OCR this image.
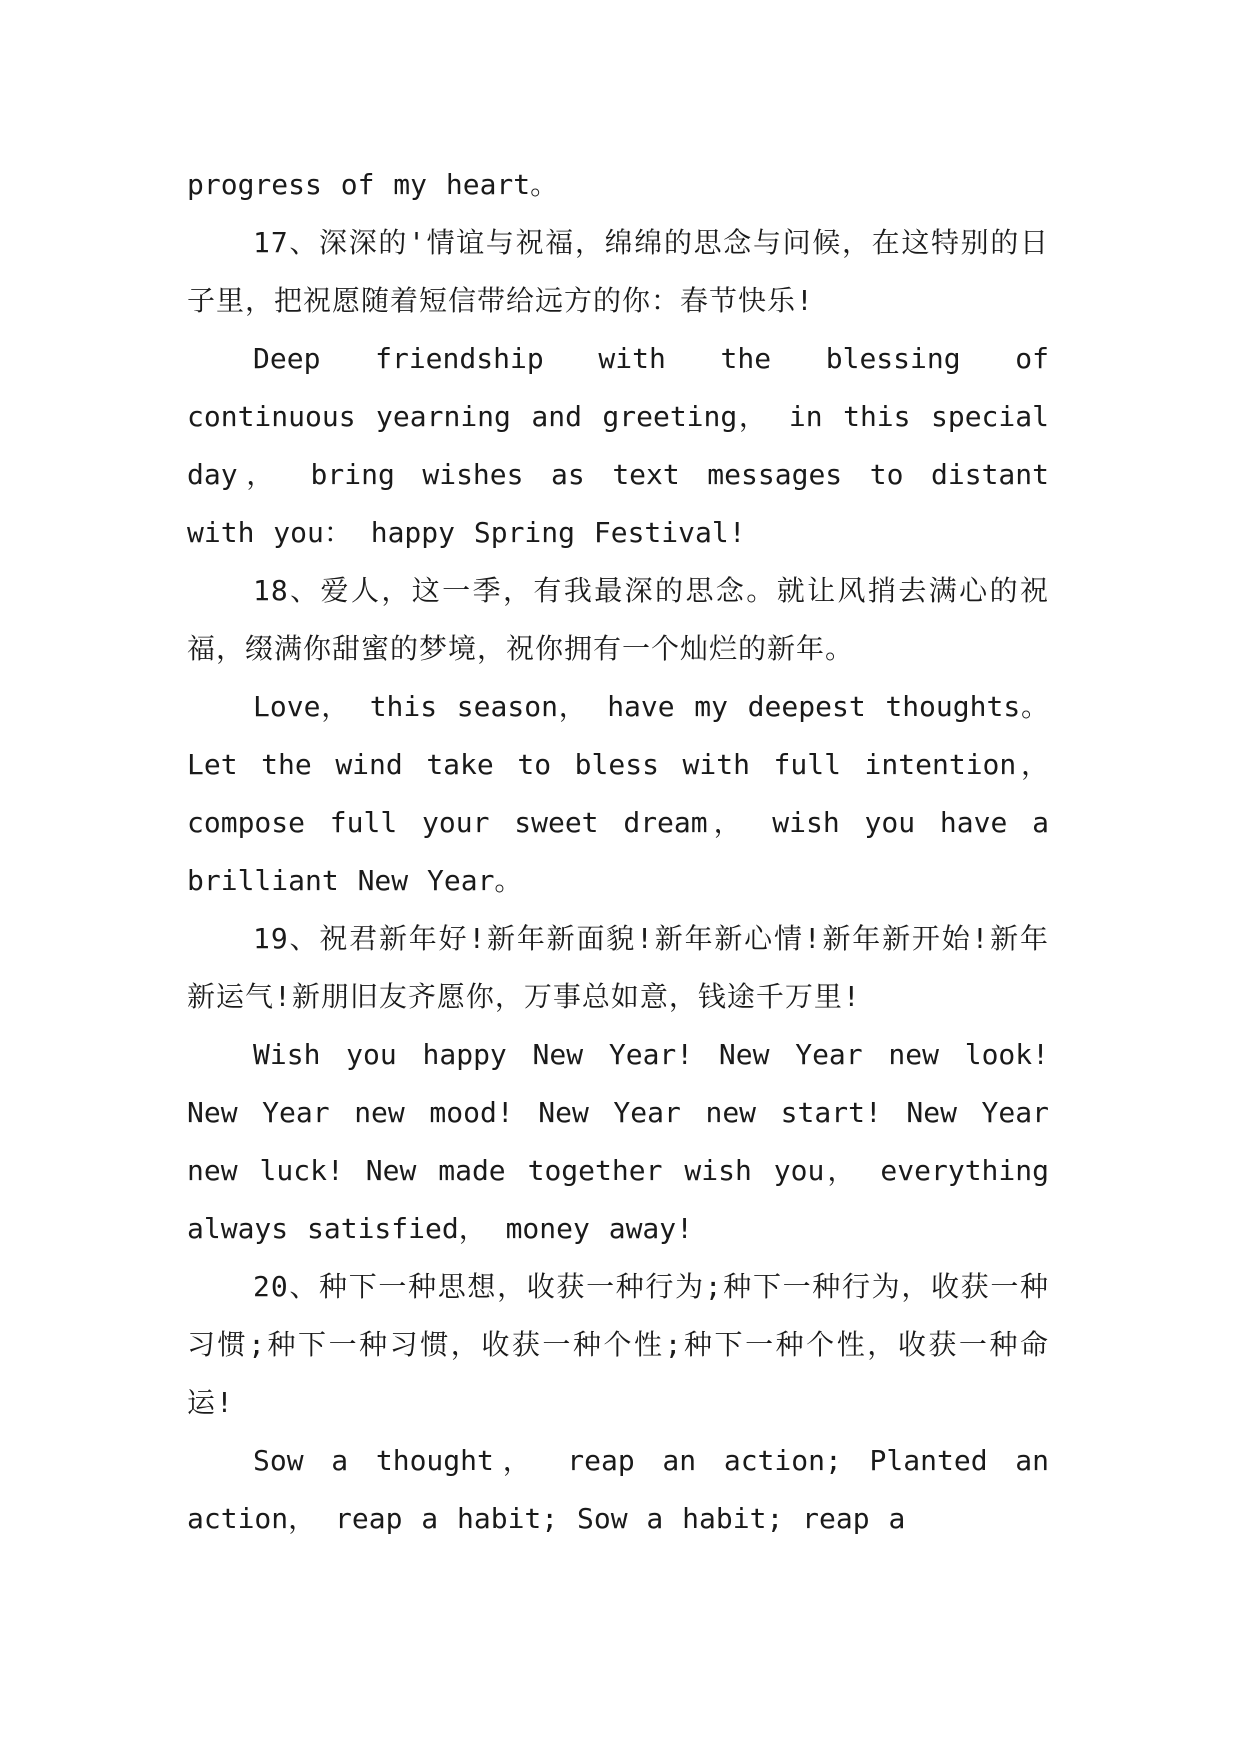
progress of my heart。

17、深深的'情谊与祝福，绵绵的思念与问候，在这特别的日子里，把祝愿随着短信带给远方的你：春节快乐!

Deep friendship with the blessing of continuous yearning and greeting， in this special day， bring wishes as text messages to distant with you： happy Spring Festival!

18、爱人，这一季，有我最深的思念。就让风捎去满心的祝福，缀满你甜蜜的梦境，祝你拥有一个灿烂的新年。

Love， this season， have my deepest thoughts。 Let the wind take to bless with full intention， compose full your sweet dream， wish you have a brilliant New Year。

19、祝君新年好!新年新面貌!新年新心情!新年新开始!新年新运气!新朋旧友齐愿你，万事总如意，钱途千万里!

Wish you happy New Year! New Year new look! New Year new mood! New Year new start! New Year new luck! New made together wish you， everything always satisfied， money away!

20、种下一种思想，收获一种行为;种下一种行为，收获一种习惯;种下一种习惯，收获一种个性;种下一种个性，收获一种命运!

Sow a thought， reap an action; Planted an action， reap a habit; Sow a habit; reap a
